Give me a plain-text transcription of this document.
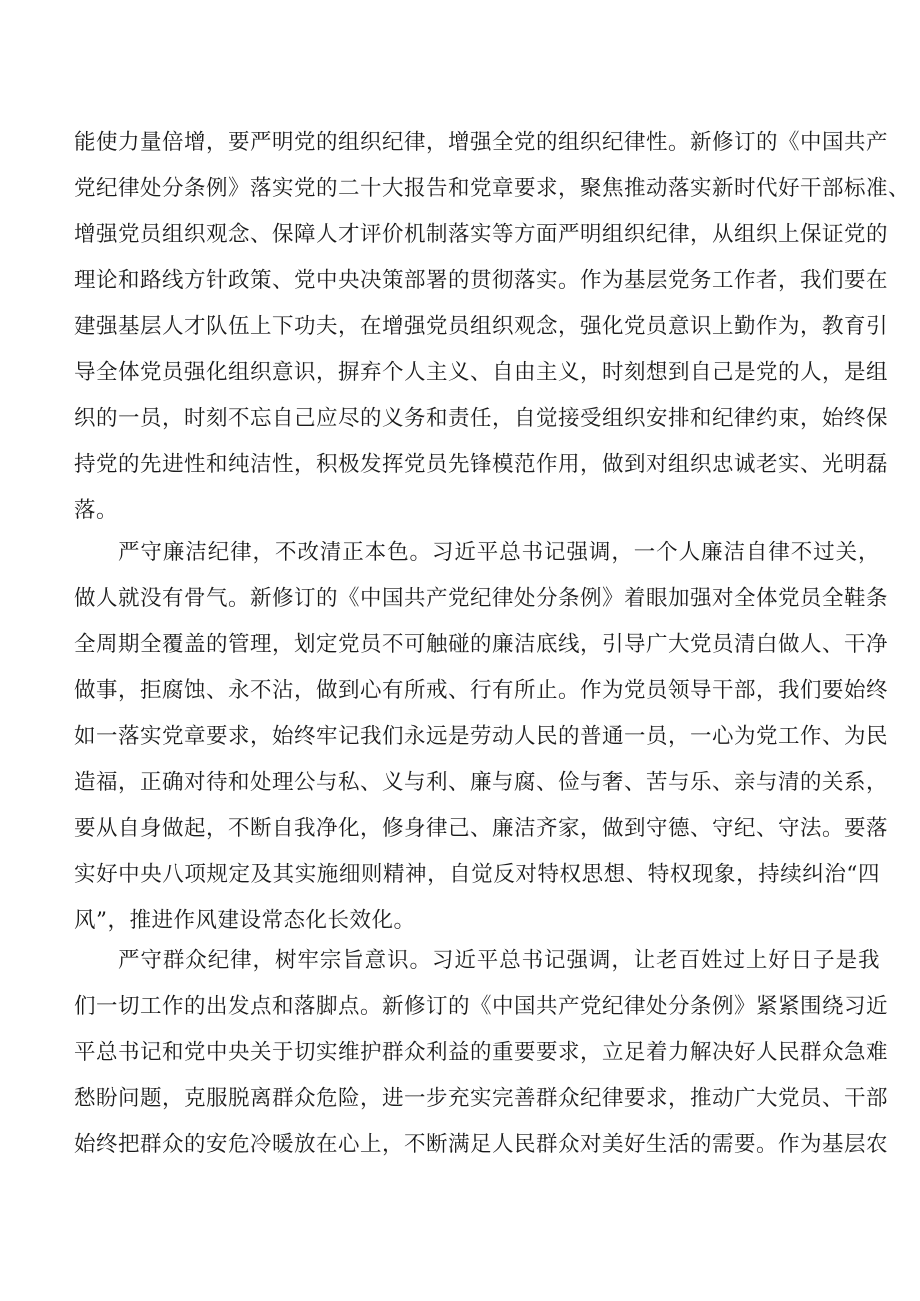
能使力量倍增，要严明党的组织纪律，增强全党的组织纪律性。新修订的《中国共产
党纪律处分条例》落实党的二十大报告和党章要求，聚焦推动落实新时代好干部标准、
增强党员组织观念、保障人才评价机制落实等方面严明组织纪律，从组织上保证党的
理论和路线方针政策、党中央决策部署的贯彻落实。作为基层党务工作者，我们要在
建强基层人才队伍上下功夫，在增强党员组织观念，强化党员意识上勤作为，教育引
导全体党员强化组织意识，摒弃个人主义、自由主义，时刻想到自己是党的人，是组
织的一员，时刻不忘自己应尽的义务和责任，自觉接受组织安排和纪律约束，始终保
持党的先进性和纯洁性，积极发挥党员先锋模范作用，做到对组织忠诚老实、光明磊
落。
严守廉洁纪律，不改清正本色。习近平总书记强调，一个人廉洁自律不过关，
做人就没有骨气。新修订的《中国共产党纪律处分条例》着眼加强对全体党员全鞋条
全周期全覆盖的管理，划定党员不可触碰的廉洁底线，引导广大党员清白做人、干净
做事，拒腐蚀、永不沾，做到心有所戒、行有所止。作为党员领导干部，我们要始终
如一落实党章要求，始终牢记我们永远是劳动人民的普通一员，一心为党工作、为民
造福，正确对待和处理公与私、义与利、廉与腐、俭与奢、苦与乐、亲与清的关系，
要从自身做起，不断自我净化，修身律己、廉洁齐家，做到守德、守纪、守法。要落
实好中央八项规定及其实施细则精神，自觉反对特权思想、特权现象，持续纠治“四
风”，推进作风建设常态化长效化。
严守群众纪律，树牢宗旨意识。习近平总书记强调，让老百姓过上好日子是我
们一切工作的出发点和落脚点。新修订的《中国共产党纪律处分条例》紧紧围绕习近
平总书记和党中央关于切实维护群众利益的重要要求，立足着力解决好人民群众急难
愁盼问题，克服脱离群众危险，进一步充实完善群众纪律要求，推动广大党员、干部
始终把群众的安危冷暖放在心上，不断满足人民群众对美好生活的需要。作为基层农
